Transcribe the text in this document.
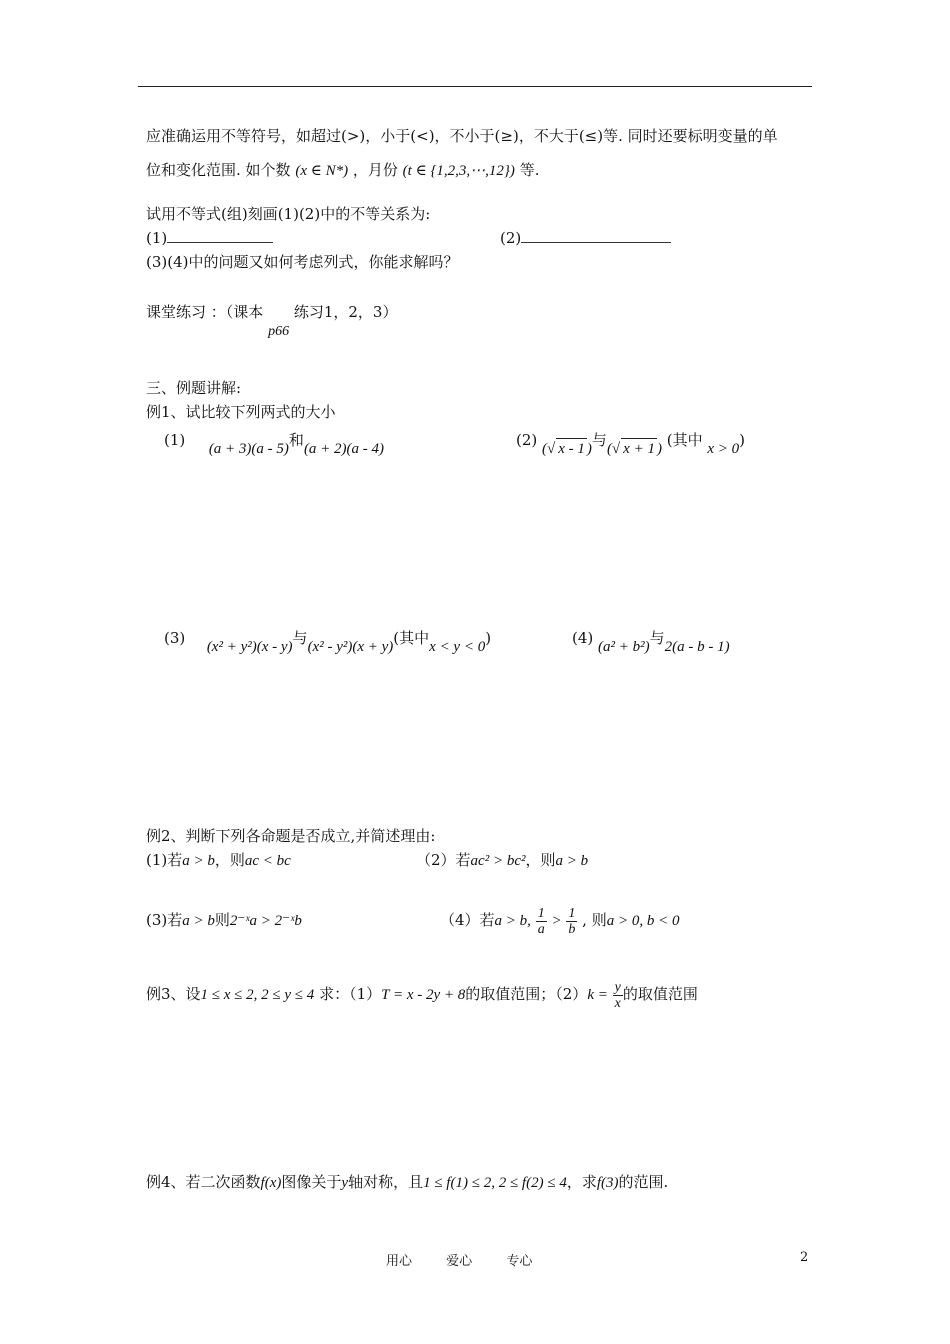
应准确运用不等符号，如超过(>)，小于(<)，不小于(≥)，不大于(≤)等. 同时还要标明变量的单
位和变化范围. 如个数 (x ∈ N*) ，月份 (t ∈ {1,2,3,⋯,12}) 等.
试用不等式(组)刻画(1)(2)中的不等关系为:
(1)	(2)
(3)(4)中的问题又如何考虑列式，你能求解吗？
课堂练习 ：（课本 p66 练习1，2，3）
三、例题讲解:
例1、试比较下列两式的大小
(1) (a + 3)(a - 5)和(a + 2)(a - 4)	(2) (√ x - 1 )与(√ x + 1 ) (其中 x > 0)
(3) (x² + y²)(x - y)与(x² - y²)(x + y)(其中x < y < 0)	(4) (a² + b²)与2(a - b - 1)
例2、判断下列各命题是否成立,并简述理由:
(1)若a > b，则ac < bc	（2）若ac² > bc²，则a > b
(3)若a > b则2⁻ˣa > 2⁻ˣb	（4）若a > b, $\frac{1}{a} > \frac{1}{b}$ , 则a > 0, b < 0
例3、设1 ≤ x ≤ 2, 2 ≤ y ≤ 4 求：（1）T = x - 2y + 8的取值范围；$(2)k = \frac{y}{x}$ 的取值范围
例4、若二次函数f(x)图像关于y轴对称，且1 ≤ f(1) ≤ 2, 2 ≤ f(2) ≤ 4，求f(3)的范围.
用心	爱心	专心	2
